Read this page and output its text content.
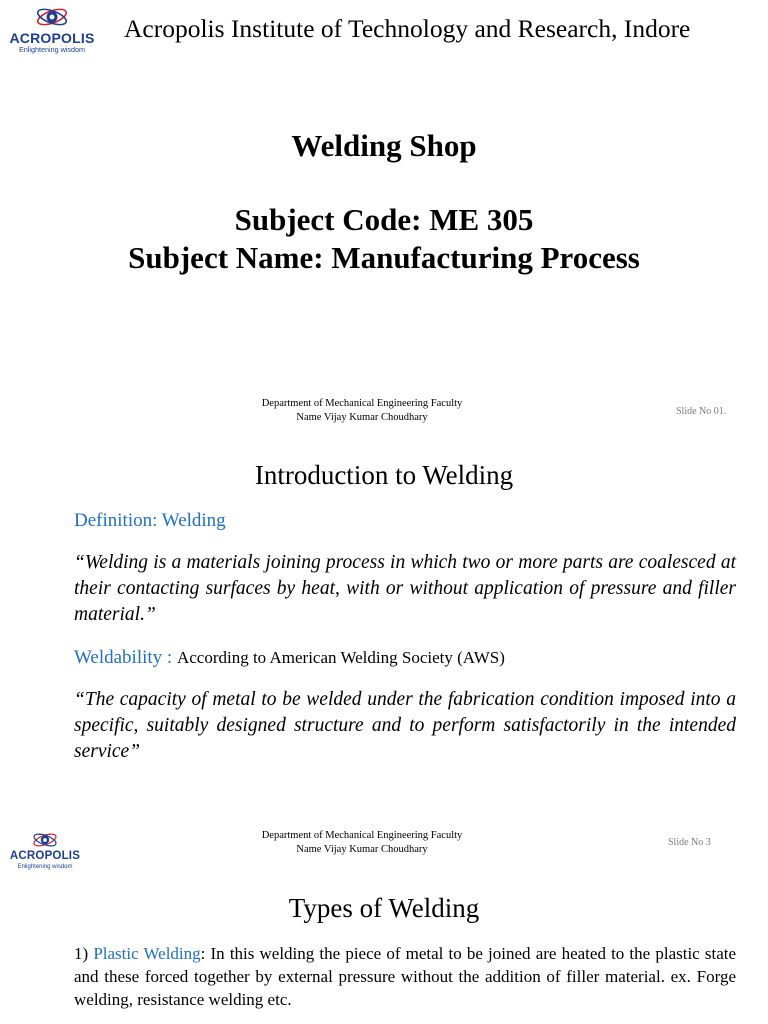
ACROPOLIS
Enlightening wisdom
Acropolis Institute of Technology and Research, Indore
Welding Shop
Subject Code: ME 305
Subject Name: Manufacturing Process
Department of Mechanical Engineering Faculty
Name Vijay Kumar Choudhary
Slide No 01.
Introduction to Welding
Definition: Welding
“Welding is a materials joining process in which two or more parts are coalesced at their contacting surfaces by heat, with or without application of pressure and filler material.”
Weldability : According to American Welding Society (AWS)
“The capacity of metal to be welded under the fabrication condition imposed into a specific, suitably designed structure and to perform satisfactorily in the intended service”
ACROPOLIS
Enlightening wisdom
Department of Mechanical Engineering Faculty
Name Vijay Kumar Choudhary
Slide No 3
Types of Welding
1) Plastic Welding: In this welding the piece of metal to be joined are heated to the plastic state and these forced together by external pressure without the addition of filler material. ex. Forge welding, resistance welding etc.
